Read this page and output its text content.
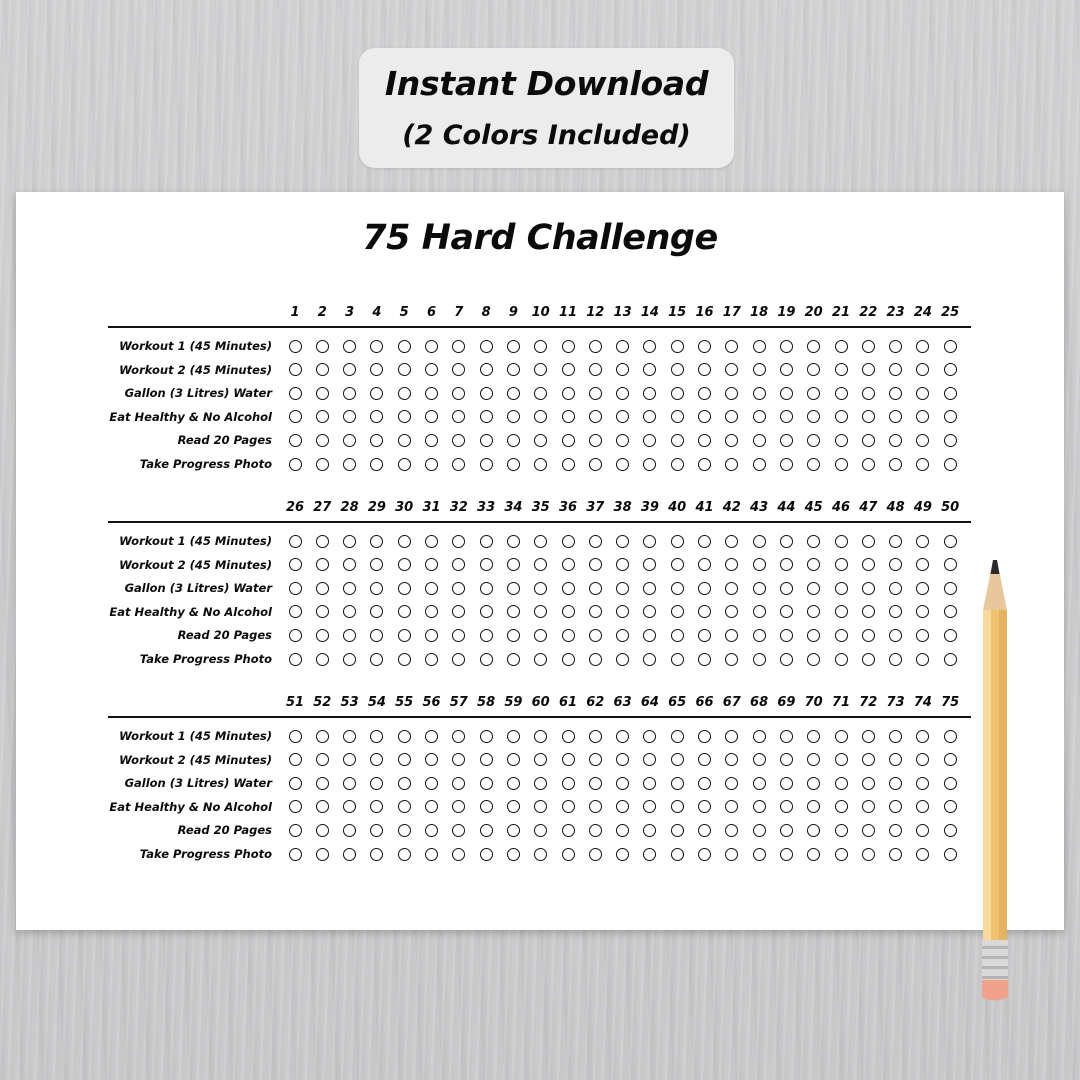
Instant Download
(2 Colors Included)
75 Hard Challenge
1	2	3	4	5	6	7	8	9	10 11 12 13 14 15 16 17 18 19 20 21 22 23 24 25
Workout 1 (45 Minutes)
Workout 2 (45 Minutes)
Gallon (3 Litres) Water
Eat Healthy & No Alcohol
Read 20 Pages
Take Progress Photo
26 27 28 29 30 31 32 33 34 35 36 37 38 39 40 41 42 43 44 45 46 47 48 49 50
Workout 1 (45 Minutes)
Workout 2 (45 Minutes)
Gallon (3 Litres) Water
Eat Healthy & No Alcohol
Read 20 Pages
Take Progress Photo
51 52 53 54 55 56 57 58 59 60 61 62 63 64 65 66 67 68 69 70 71 72 73 74 75
Workout 1 (45 Minutes)
Workout 2 (45 Minutes)
Gallon (3 Litres) Water
Eat Healthy & No Alcohol
Read 20 Pages
Take Progress Photo
